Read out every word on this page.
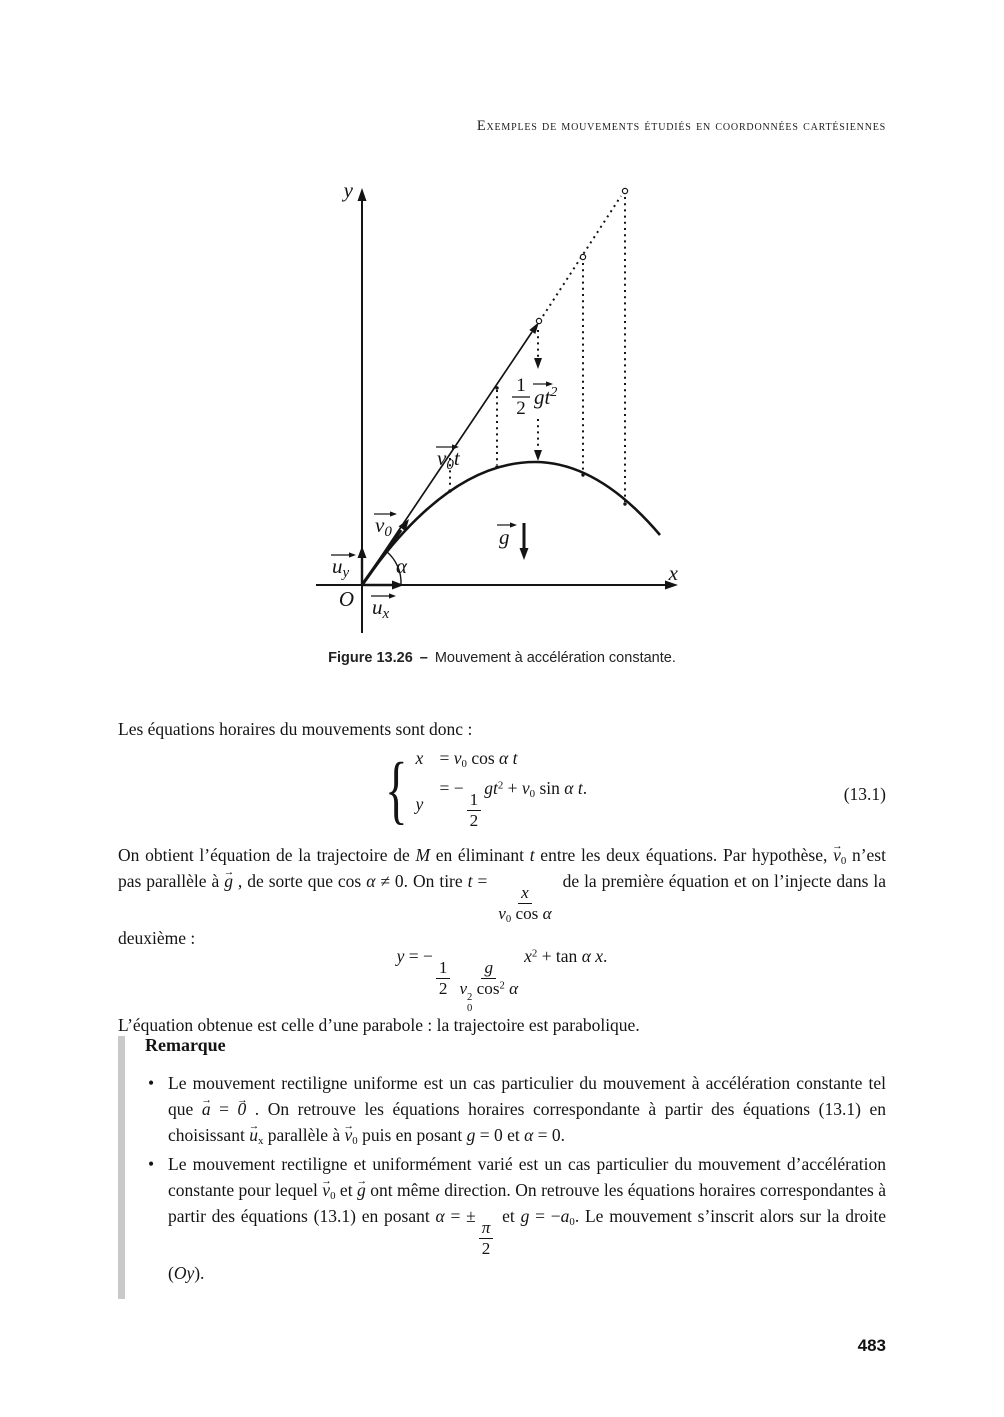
Exemples de mouvements étudiés en coordonnées cartésiennes
y
x
O
α
ux
uy
v0
v0t
1
2 $gt^2$
g
Figure 13.26 – Mouvement à accélération constante.
Les équations horaires du mouvements sont donc :
{ $x = v_0$ cos α t
y
= −
$\frac{1}{2}$
$gt^2 + v_0$ sin α t.	(13.1)
On obtient l’équation de la trajectoire de M en éliminant t entre les deux équations. Par hypothèse, → $v_0$ n’est pas parallèle à → g , de sorte que cos α ≠ 0. On tire t =
$\frac{x}{v_0 \cos \alpha}$
de la première équation et on l’injecte dans la deuxième :
y = −
$\frac{1}{2}$ g
v 2
0
$\cos^2 \alpha$
$x^2 + \tan \alpha$ x.
L’équation obtenue est celle d’une parabole : la trajectoire est parabolique.
Remarque
• Le mouvement rectiligne uniforme est un cas particulier du mouvement à accélération constante tel que → a = → 0 . On retrouve les équations horaires correspondante à partir des équations (13.1) en choisissant → $u_x$ parallèle à → $v_0$ puis en posant g = 0 et α = 0.
• Le mouvement rectiligne et uniformément varié est un cas particulier du mouvement d’accélération constante pour lequel → $v_0$ et → g ont même direction. On retrouve les équations horaires correspondantes à partir des équations (13.1) en posant α = ±
$\frac{\pi}{2}$
et $g = -a_0$. Le mouvement s’inscrit alors sur la droite (Oy).
483
